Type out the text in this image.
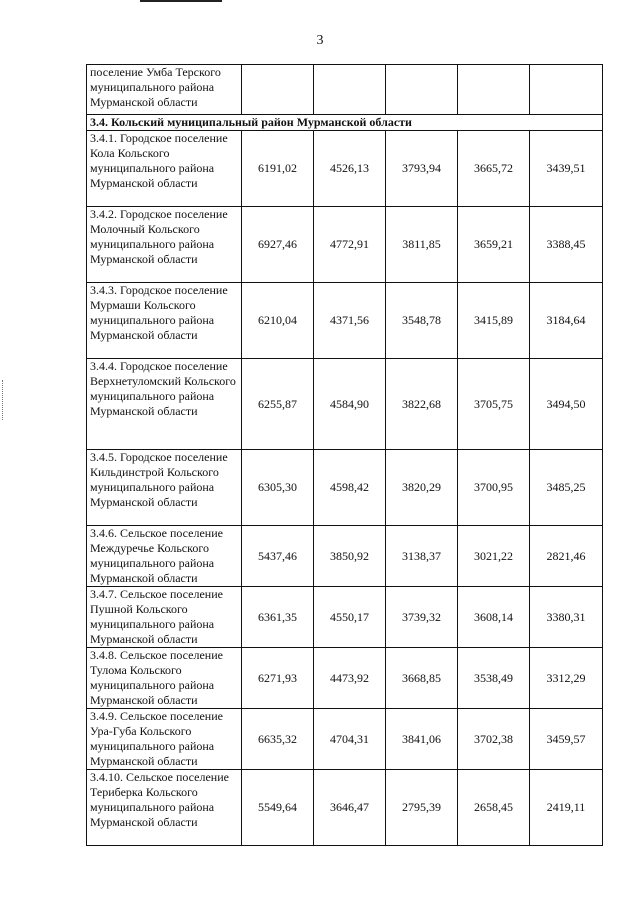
3
поселение Умба Терского муниципального района Мурманской области					
3.4. Кольский муниципальный район Мурманской области					
3.4.1. Городское поселение Кола Кольского муниципального района Мурманской области	6191,02	4526,13	3793,94	3665,72	3439,51
3.4.2. Городское поселение Молочный Кольского муниципального района Мурманской области	6927,46	4772,91	3811,85	3659,21	3388,45
3.4.3. Городское поселение Мурмаши Кольского муниципального района Мурманской области	6210,04	4371,56	3548,78	3415,89	3184,64
3.4.4. Городское поселение Верхнетуломский Кольского муниципального района Мурманской области	6255,87	4584,90	3822,68	3705,75	3494,50
3.4.5. Городское поселение Кильдинстрой Кольского муниципального района Мурманской области	6305,30	4598,42	3820,29	3700,95	3485,25
3.4.6. Сельское поселение Междуречье Кольского муниципального района Мурманской области	5437,46	3850,92	3138,37	3021,22	2821,46
3.4.7. Сельское поселение Пушной Кольского муниципального района Мурманской области	6361,35	4550,17	3739,32	3608,14	3380,31
3.4.8. Сельское поселение Тулома Кольского муниципального района Мурманской области	6271,93	4473,92	3668,85	3538,49	3312,29
3.4.9. Сельское поселение Ура-Губа Кольского муниципального района Мурманской области	6635,32	4704,31	3841,06	3702,38	3459,57
3.4.10. Сельское поселение Териберка Кольского муниципального района Мурманской области	5549,64	3646,47	2795,39	2658,45	2419,11
